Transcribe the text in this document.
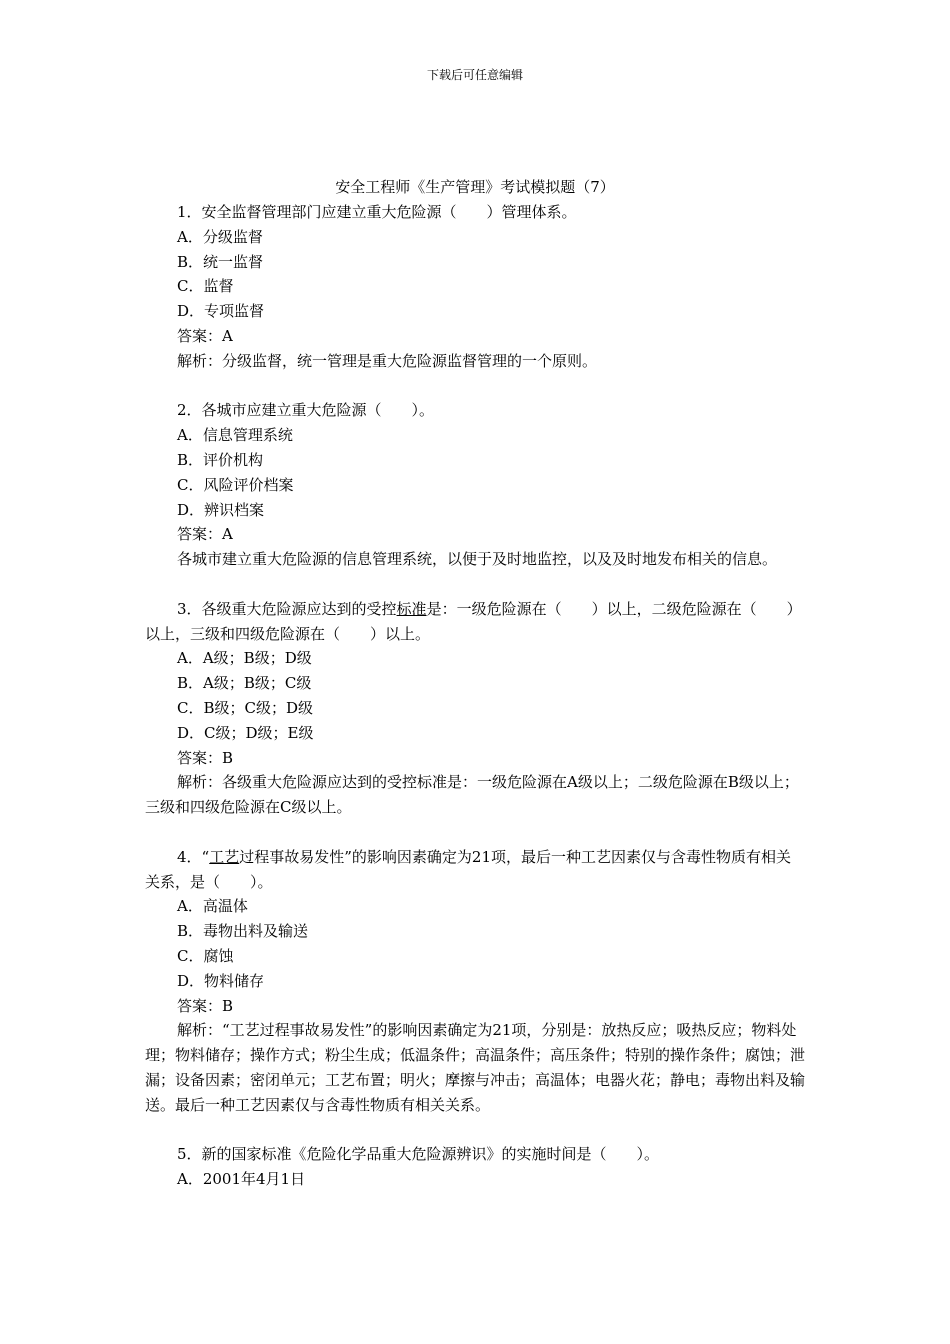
下载后可任意编辑
安全工程师《生产管理》考试模拟题（7）

1．安全监督管理部门应建立重大危险源（　　）管理体系。

A．分级监督

B．统一监督

C．监督

D．专项监督

答案：A

解析：分级监督，统一管理是重大危险源监督管理的一个原则。

2．各城市应建立重大危险源（　　）。

A．信息管理系统

B．评价机构

C．风险评价档案

D．辨识档案

答案：A

各城市建立重大危险源的信息管理系统，以便于及时地监控，以及及时地发布相关的信息。

3．各级重大危险源应达到的受控标准是：一级危险源在（　　）以上，二级危险源在（　　）以上，三级和四级危险源在（　　）以上。

A．A级；B级；D级

B．A级；B级；C级

C．B级；C级；D级

D．C级；D级；E级

答案：B

解析：各级重大危险源应达到的受控标准是：一级危险源在A级以上；二级危险源在B级以上；三级和四级危险源在C级以上。

4．“工艺过程事故易发性”的影响因素确定为21项，最后一种工艺因素仅与含毒性物质有相关关系，是（　　）。

A．高温体

B．毒物出料及输送

C．腐蚀

D．物料储存

答案：B

解析：“工艺过程事故易发性”的影响因素确定为21项，分别是：放热反应；吸热反应；物料处理；物料储存；操作方式；粉尘生成；低温条件；高温条件；高压条件；特别的操作条件；腐蚀；泄漏；设备因素；密闭单元；工艺布置；明火；摩擦与冲击；高温体；电器火花；静电；毒物出料及输送。最后一种工艺因素仅与含毒性物质有相关关系。

5．新的国家标准《危险化学品重大危险源辨识》的实施时间是（　　）。

A．2001年4月1日
